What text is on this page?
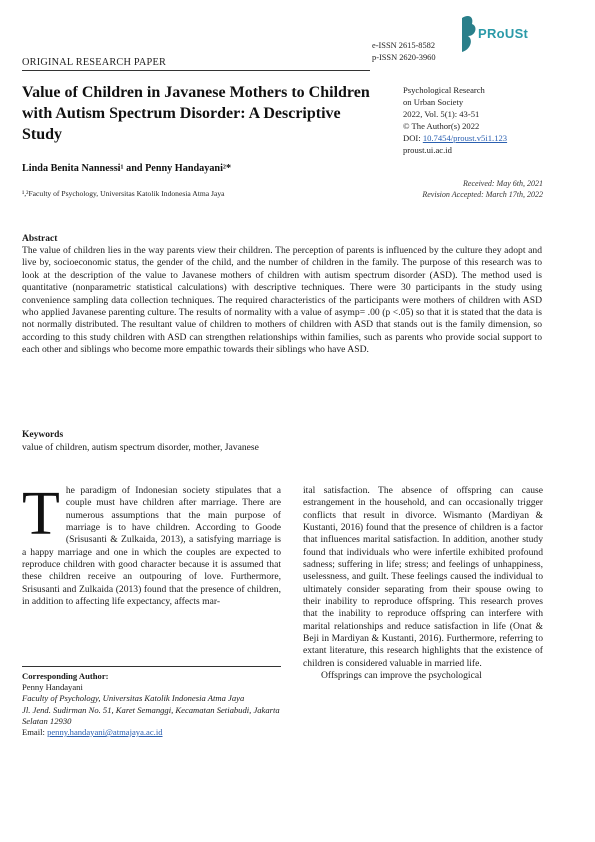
PRoUSt
e-ISSN 2615-8582
p-ISSN 2620-3960
ORIGINAL RESEARCH PAPER
Value of Children in Javanese Mothers to Children with Autism Spectrum Disorder: A Descriptive Study
Psychological Research
on Urban Society
2022, Vol. 5(1): 43-51
© The Author(s) 2022
DOI: 10.7454/proust.v5i1.123
proust.ui.ac.id
Linda Benita Nannessi¹ and Penny Handayani²*
¹,²Faculty of Psychology, Universitas Katolik Indonesia Atma Jaya
Received: May 6th, 2021
Revision Accepted: March 17th, 2022
Abstract
The value of children lies in the way parents view their children. The perception of parents is influenced by the culture they adopt and live by, socioeconomic status, the gender of the child, and the number of children in the family. The purpose of this research was to look at the description of the value to Javanese mothers of children with autism spectrum disorder (ASD). The method used is quantitative (nonparametric statistical calculations) with descriptive techniques. There were 30 participants in the study using convenience sampling data collection techniques. The required characteristics of the participants were mothers of children with ASD who applied Javanese parenting culture. The results of normality with a value of asymp= .00 (p <.05) so that it is stated that the data is not normally distributed. The resultant value of children to mothers of children with ASD that stands out is the family dimension, so according to this study children with ASD can strengthen relationships within families, such as parents who provide social support to each other and siblings who become more empathic towards their siblings who have ASD.
Keywords
value of children, autism spectrum disorder, mother, Javanese
The paradigm of Indonesian society stipulates that a couple must have children after marriage. There are numerous assumptions that the main purpose of marriage is to have children. According to Goode (Srisusanti & Zulkaida, 2013), a satisfying marriage is a happy marriage and one in which the couples are expected to reproduce children with good character because it is assumed that these children receive an outpouring of love. Furthermore, Srisusanti and Zulkaida (2013) found that the presence of children, in addition to affecting life expectancy, affects mar-
ital satisfaction. The absence of offspring can cause estrangement in the household, and can occasionally trigger conflicts that result in divorce. Wismanto (Mardiyan & Kustanti, 2016) found that the presence of children is a factor that influences marital satisfaction. In addition, another study found that individuals who were infertile exhibited profound sadness; suffering in life; stress; and feelings of unhappiness, uselessness, and guilt. These feelings caused the individual to ultimately consider separating from their spouse owing to their inability to reproduce offspring. This research proves that the inability to reproduce offspring can interfere with marital relationships and reduce satisfaction in life (Onat & Beji in Mardiyan & Kustanti, 2016). Furthermore, referring to extant literature, this research highlights that the existence of children is considered valuable in married life.
Offsprings can improve the psychological
Corresponding Author:
Penny Handayani
Faculty of Psychology, Universitas Katolik Indonesia Atma Jaya
Jl. Jend. Sudirman No. 51, Karet Semanggi, Kecamatan Setiabudi, Jakarta Selatan 12930
Email: penny.handayani@atmajaya.ac.id
